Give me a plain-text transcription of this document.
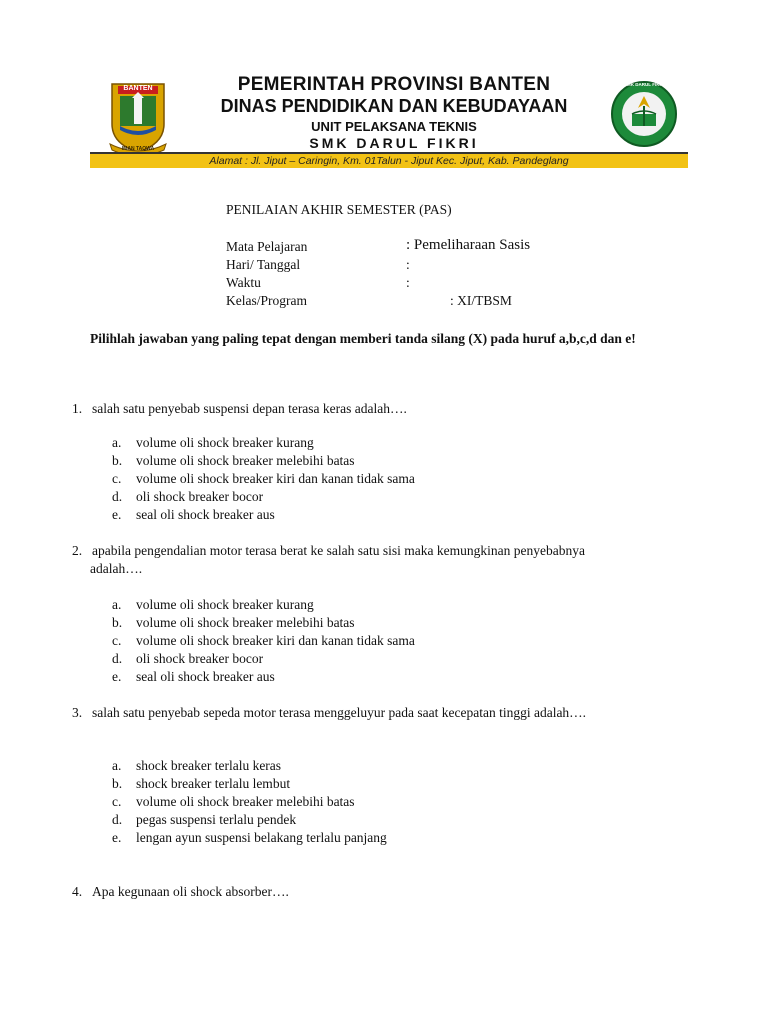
BANTEN
IMAN TAQWA
SMK DARUL FIKRI
PEMERINTAH PROVINSI BANTEN
DINAS PENDIDIKAN DAN KEBUDAYAAN
UNIT PELAKSANA TEKNIS
SMK DARUL FIKRI
Alamat : Jl. Jiput – Caringin, Km. 01Talun - Jiput Kec. Jiput, Kab. Pandeglang
PENILAIAN AKHIR SEMESTER (PAS)
Mata Pelajaran	: Pemeliharaan Sasis
Hari/ Tanggal	:
Waktu	:
Kelas/Program	: XI/TBSM
Pilihlah jawaban yang paling tepat dengan memberi tanda silang (X) pada huruf a,b,c,d dan e!
1. salah satu penyebab suspensi depan terasa keras adalah….
a. volume oli shock breaker kurang
b. volume oli shock breaker melebihi batas
c. volume oli shock breaker kiri dan kanan tidak sama
d. oli shock breaker bocor
e. seal oli shock breaker aus
2. apabila pengendalian motor terasa berat ke salah satu sisi maka kemungkinan penyebabnya
adalah….
a. volume oli shock breaker kurang
b. volume oli shock breaker melebihi batas
c. volume oli shock breaker kiri dan kanan tidak sama
d. oli shock breaker bocor
e. seal oli shock breaker aus
3. salah satu penyebab sepeda motor terasa menggeluyur pada saat kecepatan tinggi adalah….
a. shock breaker terlalu keras
b. shock breaker terlalu lembut
c. volume oli shock breaker melebihi batas
d. pegas suspensi terlalu pendek
e. lengan ayun suspensi belakang terlalu panjang
4. Apa kegunaan oli shock absorber….
